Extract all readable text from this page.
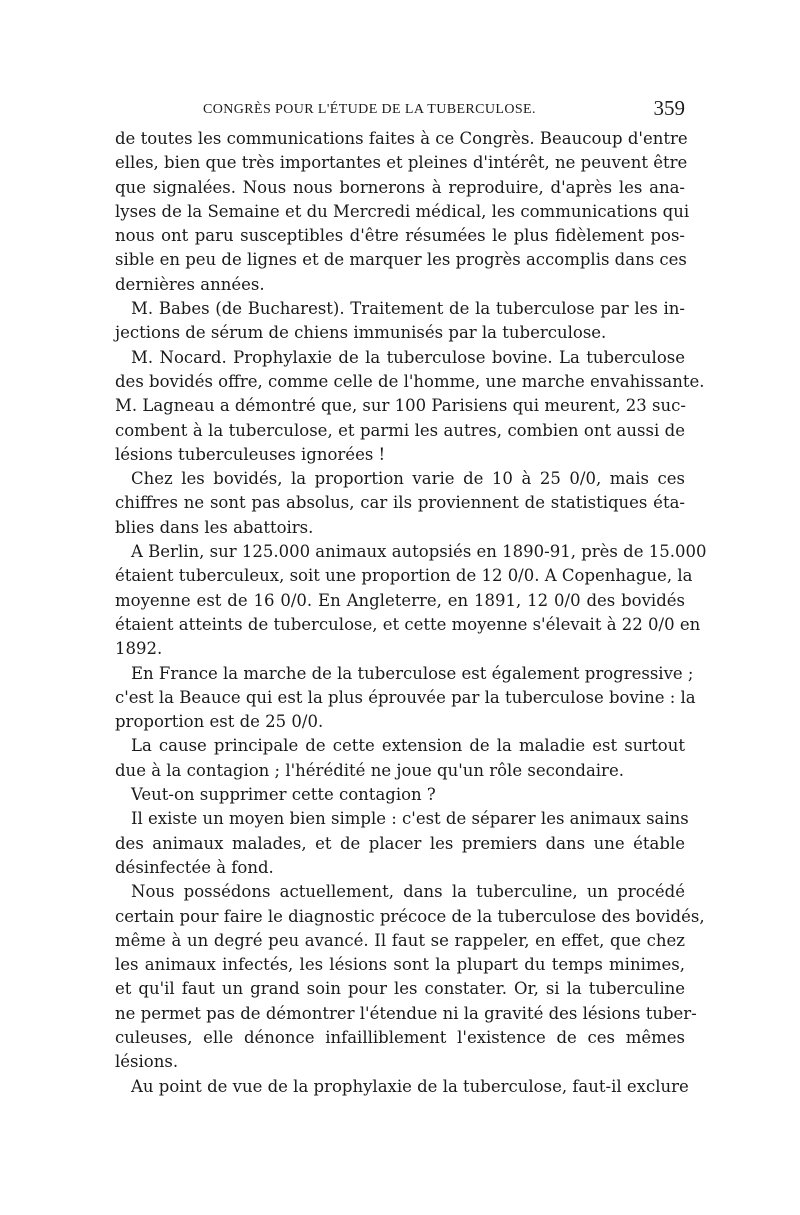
CONGRÈS POUR L'ÉTUDE DE LA TUBERCULOSE.	359
de toutes les communications faites à ce Congrès. Beaucoup d'entre
elles, bien que très importantes et pleines d'intérêt, ne peuvent être
que signalées. Nous nous bornerons à reproduire, d'après les ana-
lyses de la Semaine et du Mercredi médical, les communications qui
nous ont paru susceptibles d'être résumées le plus fidèlement pos-
sible en peu de lignes et de marquer les progrès accomplis dans ces
dernières années.
M. Babes (de Bucharest). Traitement de la tuberculose par les in-
jections de sérum de chiens immunisés par la tuberculose.
M. Nocard. Prophylaxie de la tuberculose bovine. La tuberculose
des bovidés offre, comme celle de l'homme, une marche envahissante.
M. Lagneau a démontré que, sur 100 Parisiens qui meurent, 23 suc-
combent à la tuberculose, et parmi les autres, combien ont aussi de
lésions tuberculeuses ignorées !
Chez les bovidés, la proportion varie de 10 à 25 0/0, mais ces
chiffres ne sont pas absolus, car ils proviennent de statistiques éta-
blies dans les abattoirs.
A Berlin, sur 125.000 animaux autopsiés en 1890-91, près de 15.000
étaient tuberculeux, soit une proportion de 12 0/0. A Copenhague, la
moyenne est de 16 0/0. En Angleterre, en 1891, 12 0/0 des bovidés
étaient atteints de tuberculose, et cette moyenne s'élevait à 22 0/0 en
1892.
En France la marche de la tuberculose est également progressive ;
c'est la Beauce qui est la plus éprouvée par la tuberculose bovine : la
proportion est de 25 0/0.
La cause principale de cette extension de la maladie est surtout
due à la contagion ; l'hérédité ne joue qu'un rôle secondaire.
Veut-on supprimer cette contagion ?
Il existe un moyen bien simple : c'est de séparer les animaux sains
des animaux malades, et de placer les premiers dans une étable
désinfectée à fond.
Nous possédons actuellement, dans la tuberculine, un procédé
certain pour faire le diagnostic précoce de la tuberculose des bovidés,
même à un degré peu avancé. Il faut se rappeler, en effet, que chez
les animaux infectés, les lésions sont la plupart du temps minimes,
et qu'il faut un grand soin pour les constater. Or, si la tuberculine
ne permet pas de démontrer l'étendue ni la gravité des lésions tuber-
culeuses, elle dénonce infailliblement l'existence de ces mêmes
lésions.
Au point de vue de la prophylaxie de la tuberculose, faut-il exclure
